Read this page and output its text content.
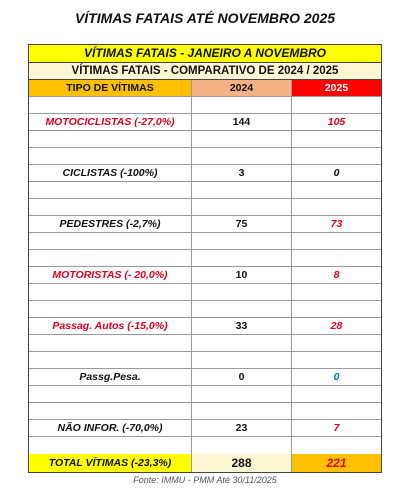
VÍTIMAS FATAIS ATÉ NOVEMBRO 2025
VÍTIMAS FATAIS - JANEIRO A NOVEMBRO
VÍTIMAS FATAIS - COMPARATIVO DE 2024 / 2025
TIPO DE VÍTIMAS	2024	2025
MOTOCICLISTAS (-27,0%)	144	105
CICLISTAS (-100%)	3	0
PEDESTRES (-2,7%)	75	73
MOTORISTAS (- 20,0%)	10	8
Passag. Autos (-15,0%)	33	28
Passg.Pesa.	0	0
NÃO INFOR. (-70,0%)	23	7
TOTAL VÍTIMAS (-23,3%)	288	221
Fonte: IMMU - PMM Até 30/11/2025
